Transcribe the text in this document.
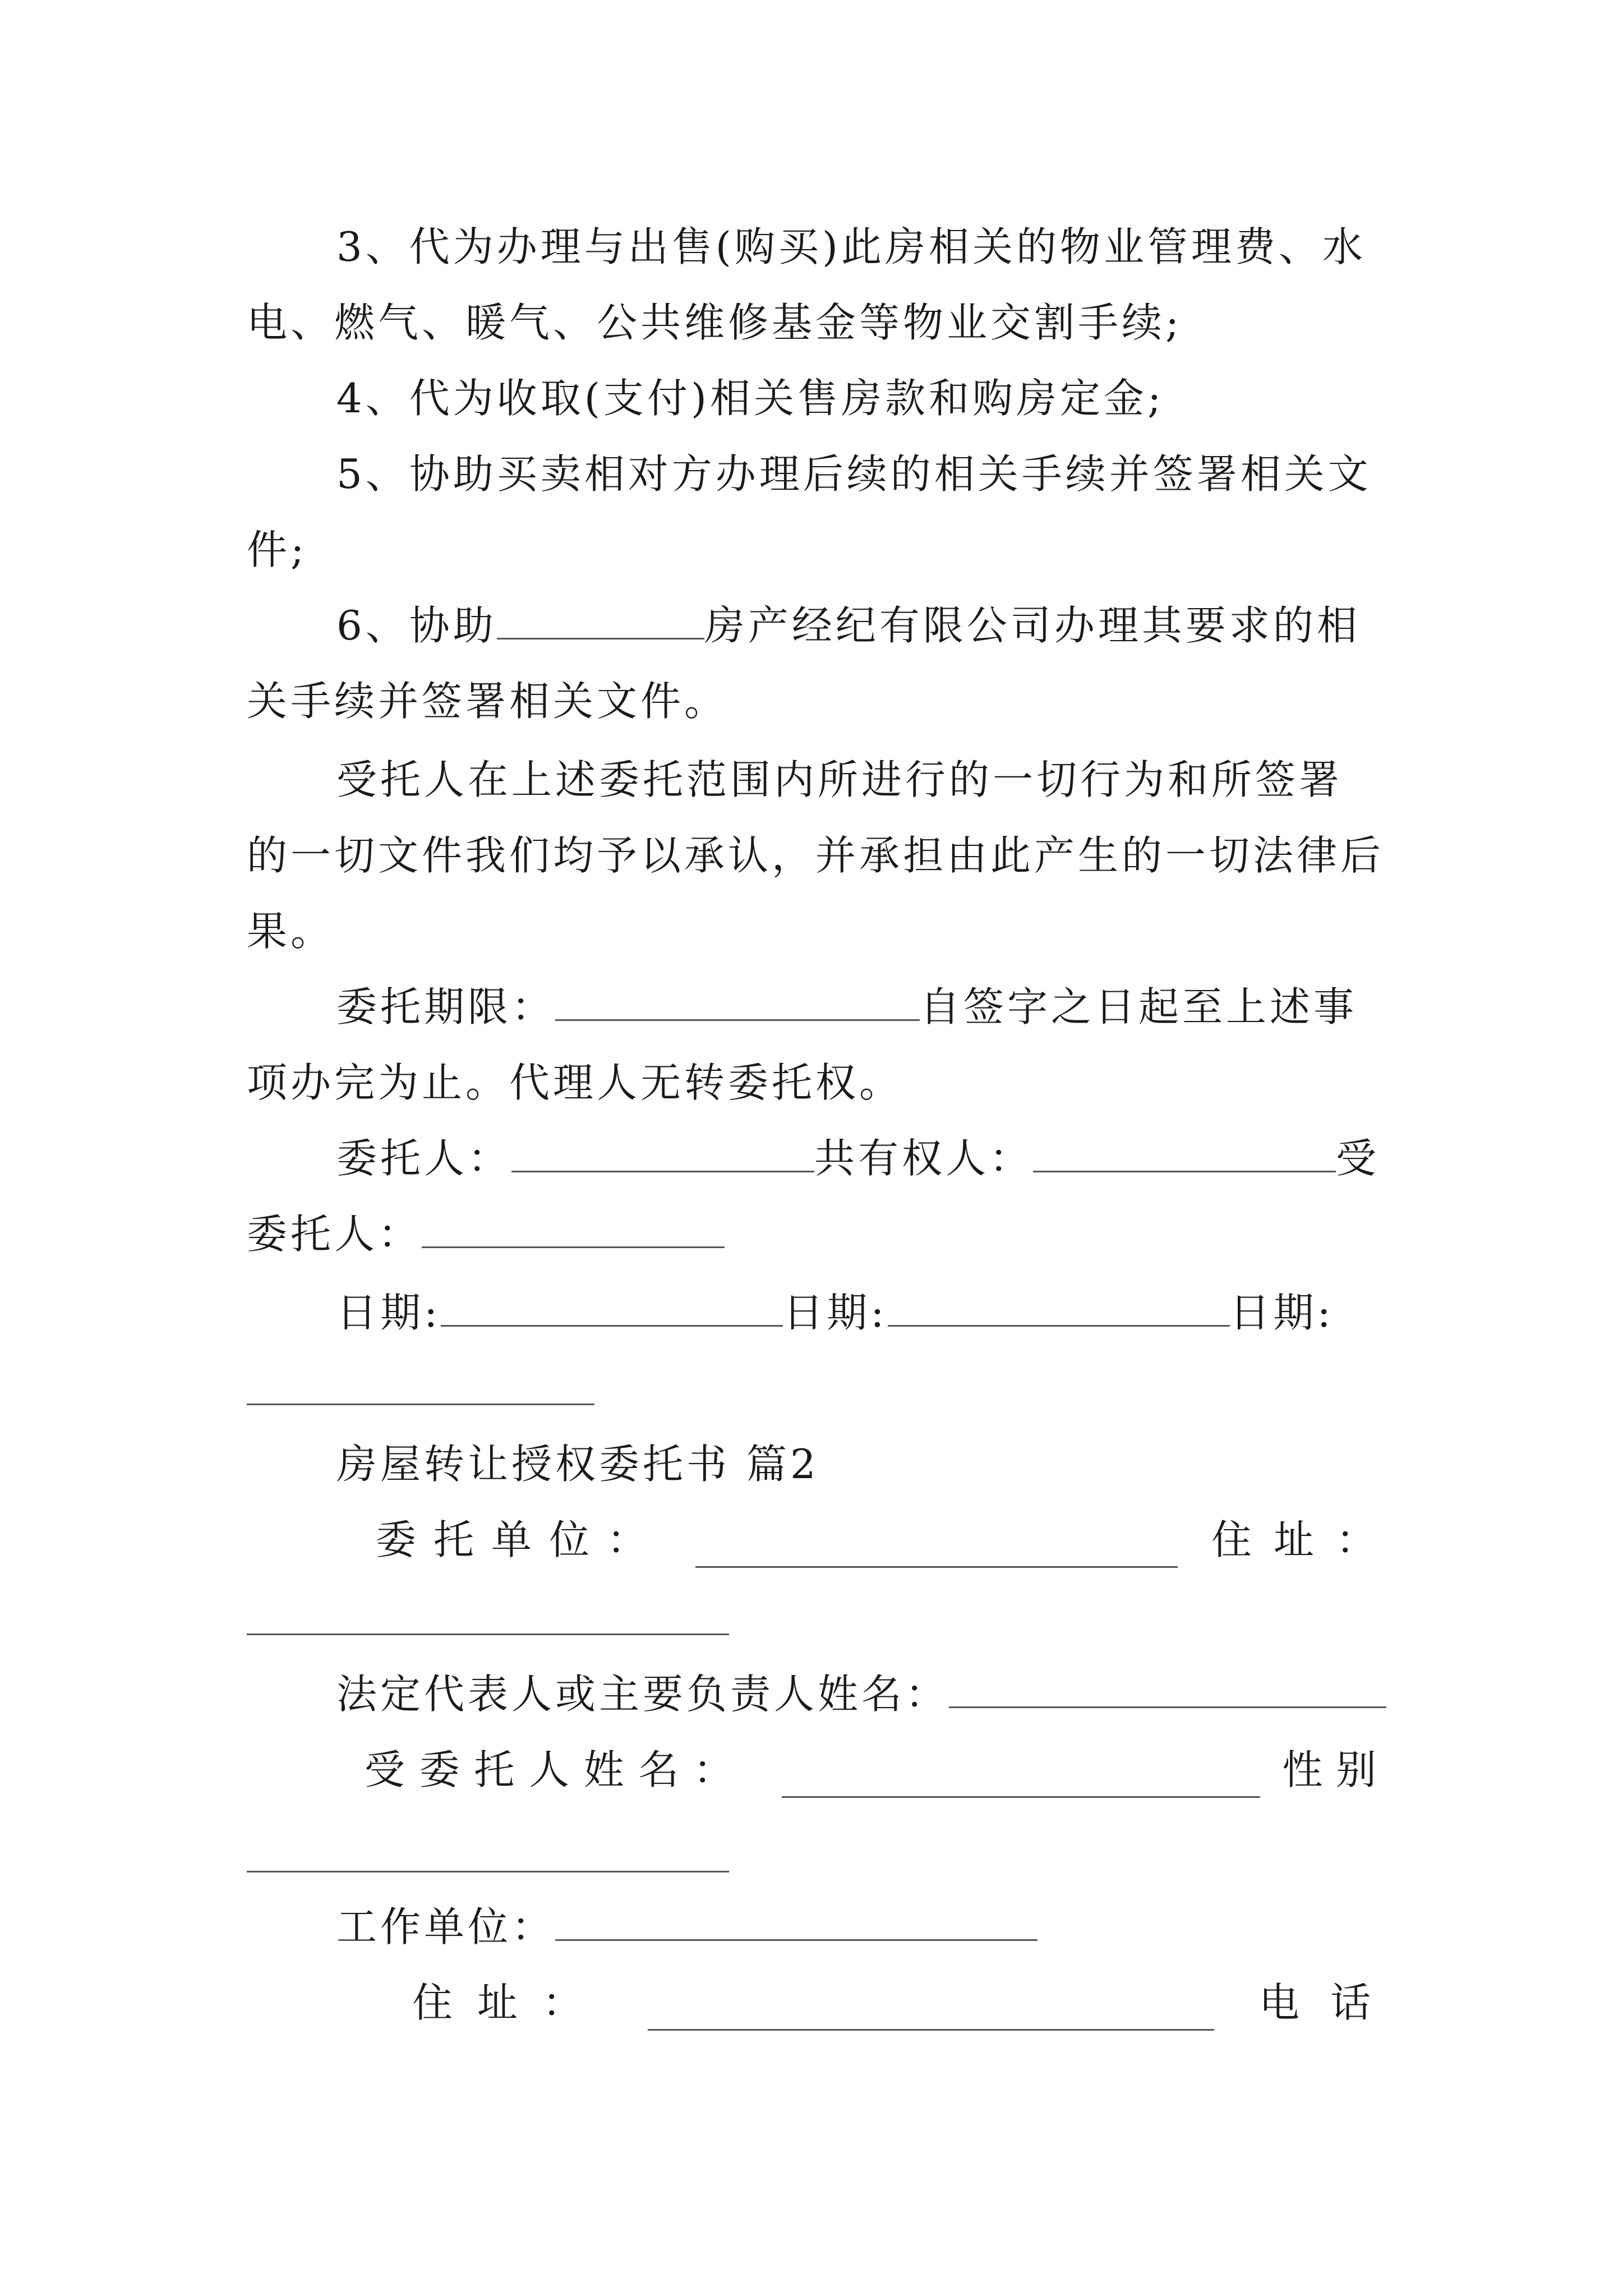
3、代为办理与出售(购买)此房相关的物业管理费、水
电、燃气、暖气、公共维修基金等物业交割手续;
4、代为收取(支付)相关售房款和购房定金;
5、协助买卖相对方办理后续的相关手续并签署相关文
件;
6、协助	房产经纪有限公司办理其要求的相
关手续并签署相关文件。
受托人在上述委托范围内所进行的一切行为和所签署
的一切文件我们均予以承认，并承担由此产生的一切法律后
果。
委托期限：	自签字之日起至上述事
项办完为止。代理人无转委托权。
委托人：	共有权人：	受
委托人：
日期:	日期:	日期:
房屋转让授权委托书 篇2
委 托 单 位 ：	住 址 ：
法定代表人或主要负责人姓名：
受 委 托 人 姓 名 ：	性 别
工作单位：
住 址 ：	电 话
